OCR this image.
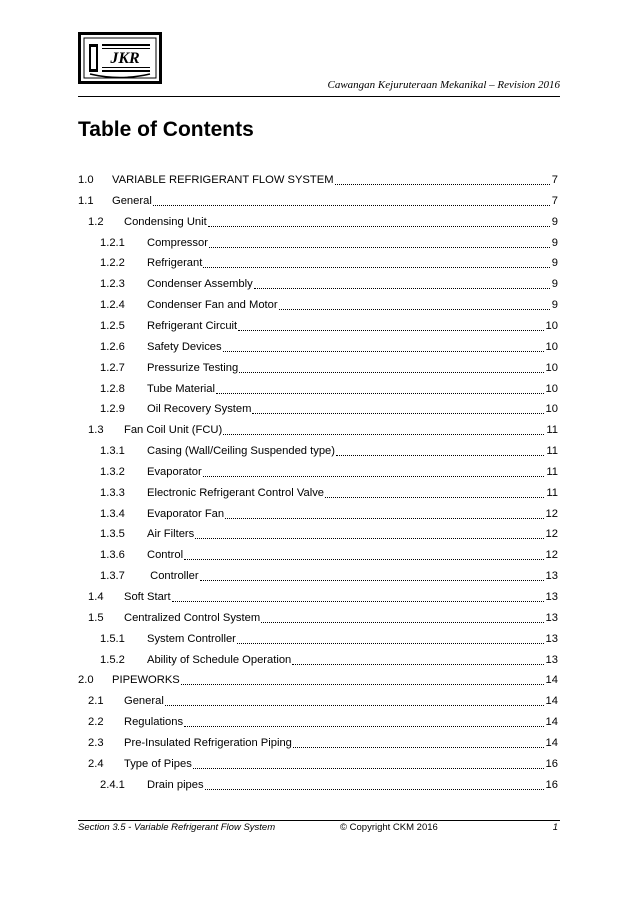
JKR
Cawangan Kejuruteraan Mekanikal – Revision 2016
Table of Contents
1.0 VARIABLE REFRIGERANT FLOW SYSTEM	7
1.1 General	7
1.2 Condensing Unit	9
1.2.1 Compressor	9
1.2.2 Refrigerant	9
1.2.3 Condenser Assembly	9
1.2.4 Condenser Fan and Motor	9
1.2.5 Refrigerant Circuit	10
1.2.6 Safety Devices	10
1.2.7 Pressurize Testing	10
1.2.8 Tube Material	10
1.2.9 Oil Recovery System	10
1.3 Fan Coil Unit (FCU)	11
1.3.1 Casing (Wall/Ceiling Suspended type)	11
1.3.2 Evaporator	11
1.3.3 Electronic Refrigerant Control Valve	11
1.3.4 Evaporator Fan	12
1.3.5 Air Filters	12
1.3.6 Control	12
1.3.7 Controller	13
1.4 Soft Start	13
1.5 Centralized Control System	13
1.5.1 System Controller	13
1.5.2 Ability of Schedule Operation	13
2.0 PIPEWORKS	14
2.1 General	14
2.2 Regulations	14
2.3 Pre-Insulated Refrigeration Piping	14
2.4 Type of Pipes	16
2.4.1 Drain pipes	16
Section 3.5 - Variable Refrigerant Flow System	© Copyright CKM 2016	1
